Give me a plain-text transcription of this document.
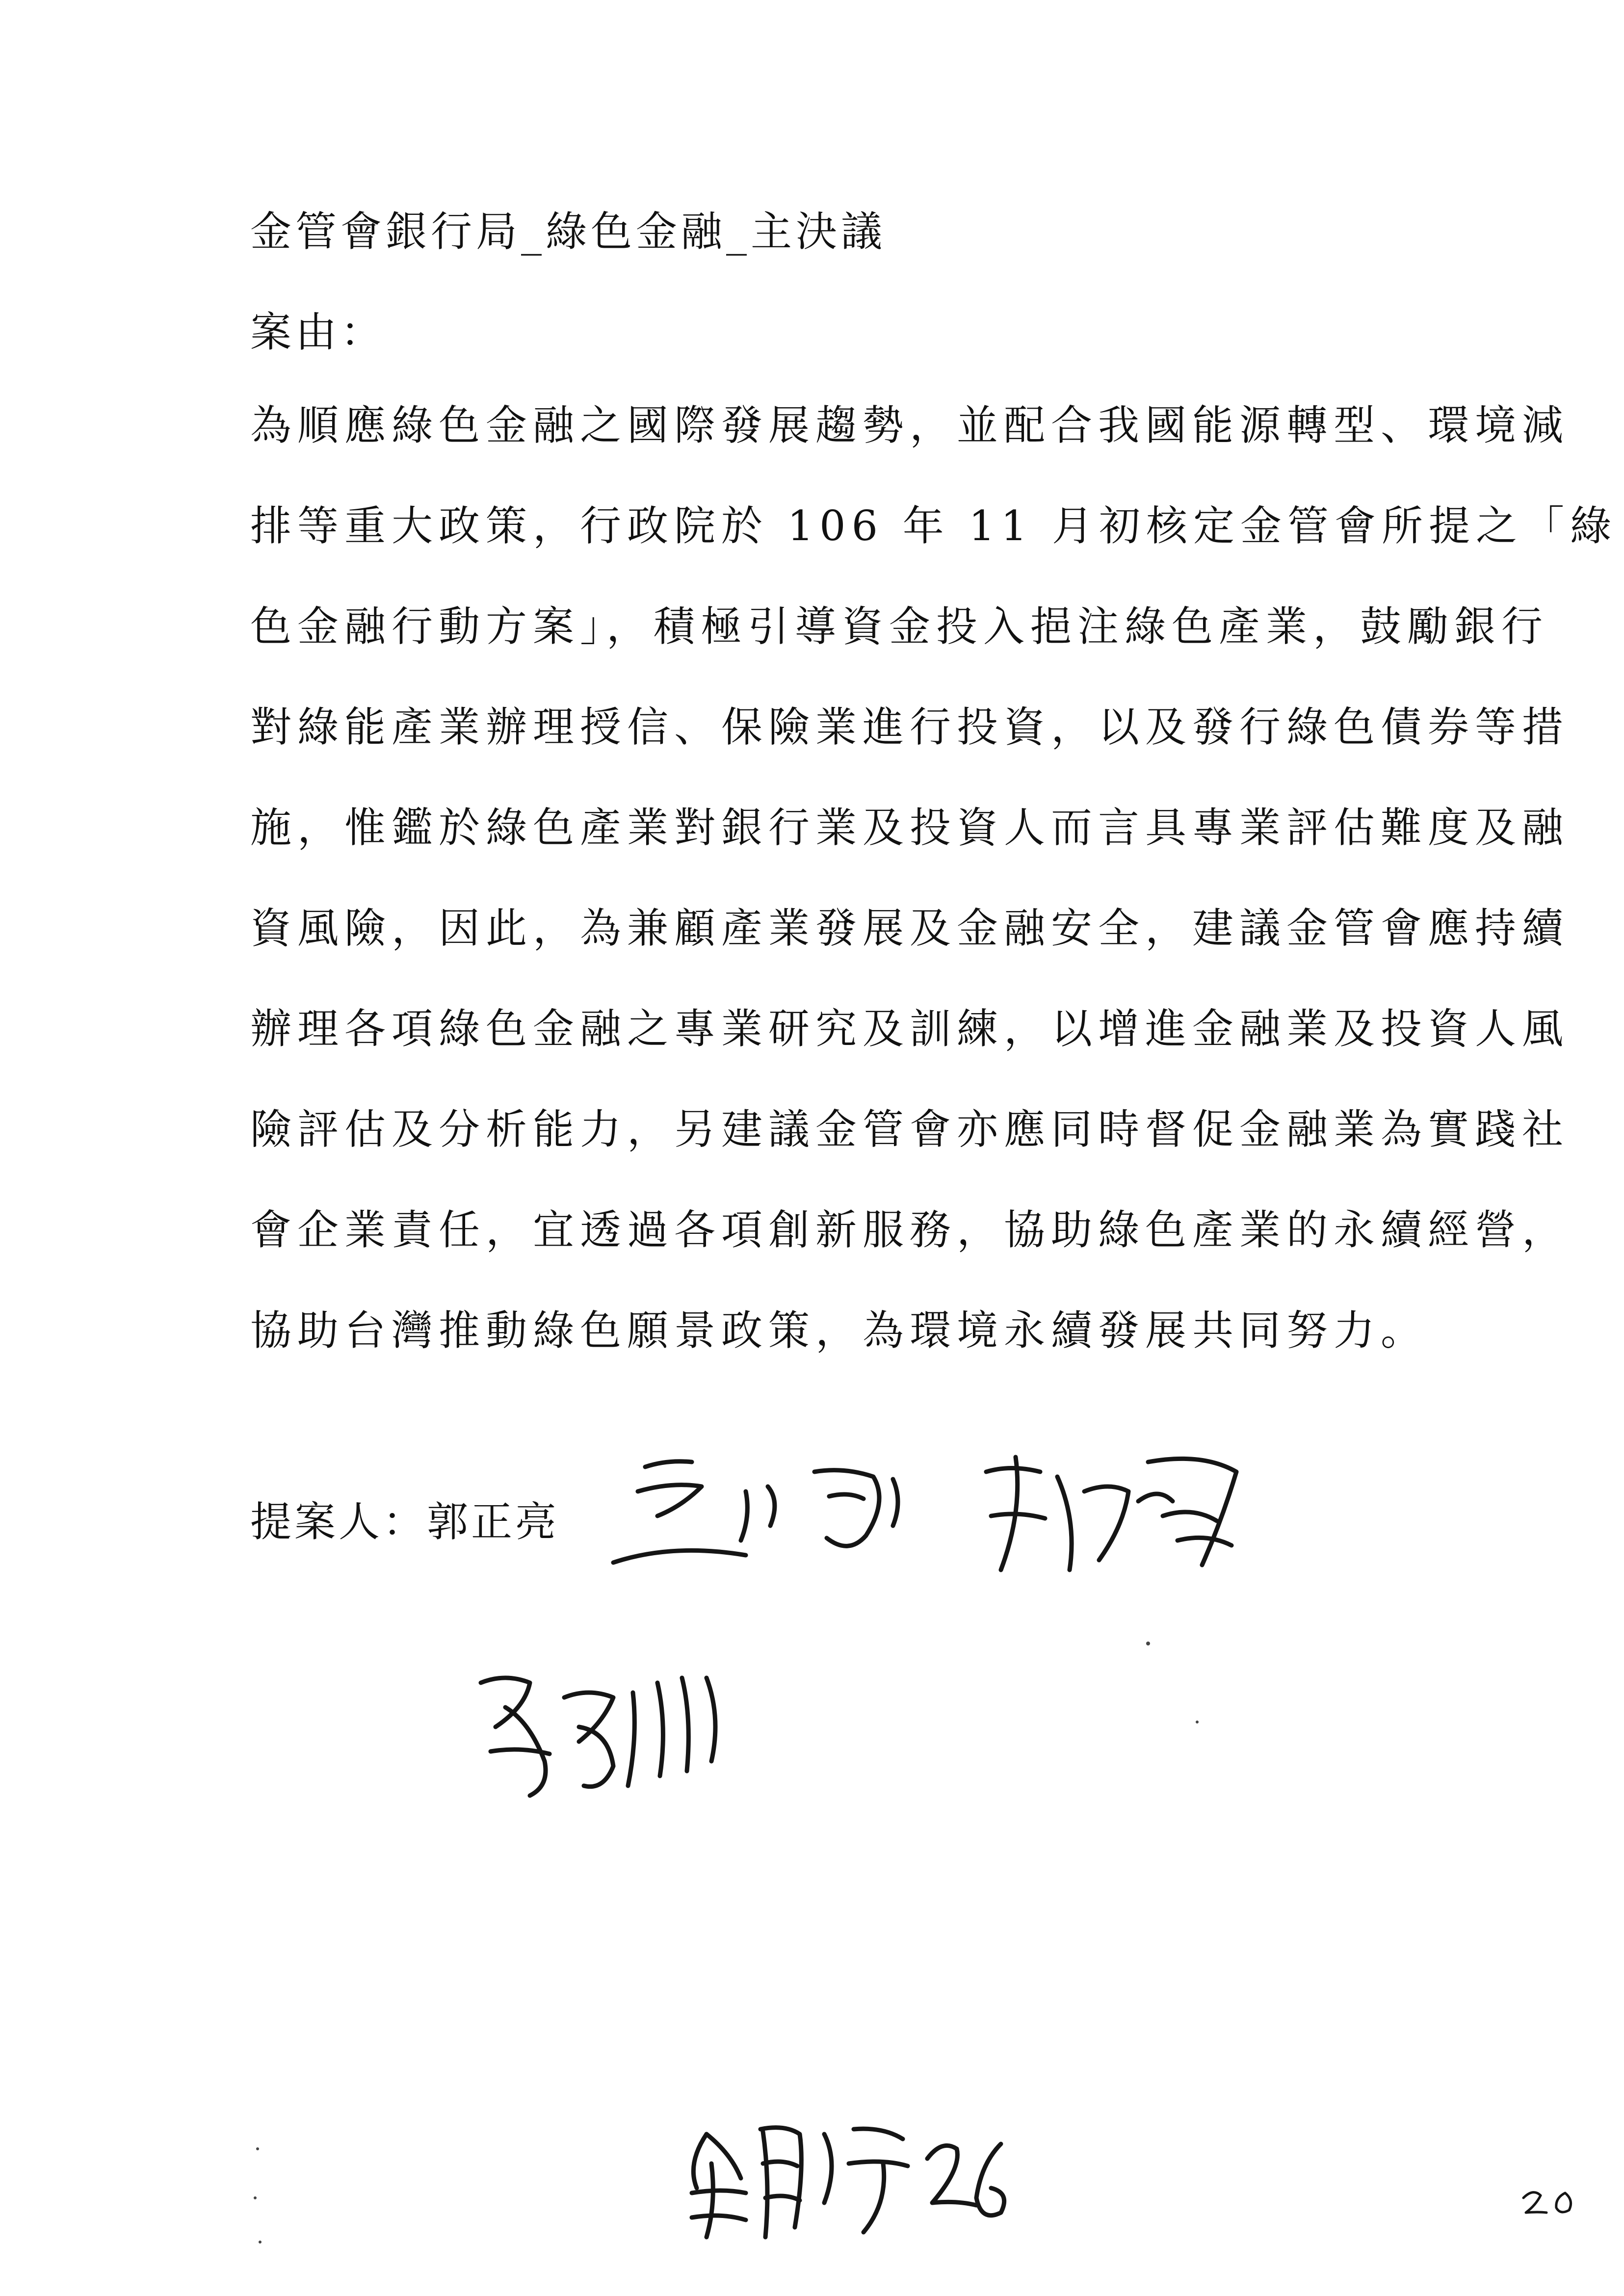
金管會銀行局_綠色金融_主決議
案由：
為順應綠色金融之國際發展趨勢，並配合我國能源轉型、環境減
排等重大政策，行政院於 106 年 11 月初核定金管會所提之「綠
色金融行動方案」，積極引導資金投入挹注綠色產業，鼓勵銀行
對綠能產業辦理授信、保險業進行投資，以及發行綠色債券等措
施，惟鑑於綠色產業對銀行業及投資人而言具專業評估難度及融
資風險，因此，為兼顧產業發展及金融安全，建議金管會應持續
辦理各項綠色金融之專業研究及訓練，以增進金融業及投資人風
險評估及分析能力，另建議金管會亦應同時督促金融業為實踐社
會企業責任，宜透過各項創新服務，協助綠色產業的永續經營，
協助台灣推動綠色願景政策，為環境永續發展共同努力。
提案人：郭正亮
